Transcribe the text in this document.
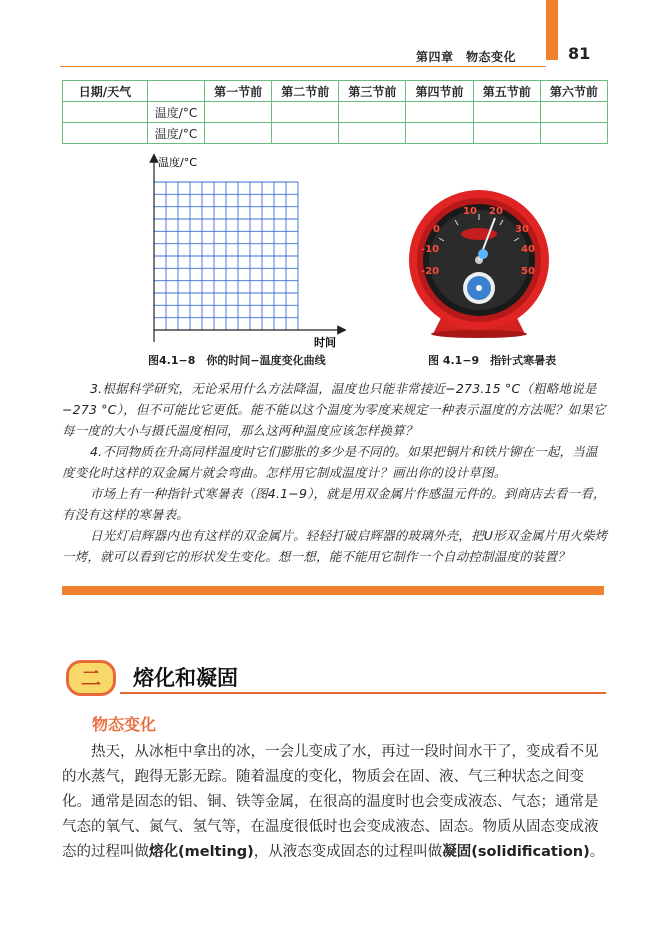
第四章　物态变化	81
日期/天气		第一节前	第二节前	第三节前	第四节前	第五节前	第六节前
	温度/°C						
	温度/°C						
温度/°C
时间
图4.1−8　你的时间−温度变化曲线
0
-10
-20
10 20
30
40
50
图 4.1−9　指针式寒暑表
3.根据科学研究，无论采用什么方法降温，温度也只能非常接近−273.15 °C（粗略地说是−273 °C），但不可能比它更低。能不能以这个温度为零度来规定一种表示温度的方法呢？如果它每一度的大小与摄氏温度相同，那么这两种温度应该怎样换算？
4.不同物质在升高同样温度时它们膨胀的多少是不同的。如果把铜片和铁片铆在一起，当温度变化时这样的双金属片就会弯曲。怎样用它制成温度计？画出你的设计草图。
市场上有一种指针式寒暑表（图4.1−9），就是用双金属片作感温元件的。到商店去看一看，有没有这样的寒暑表。
日光灯启辉器内也有这样的双金属片。轻轻打破启辉器的玻璃外壳，把U形双金属片用火柴烤一烤，就可以看到它的形状发生变化。想一想，能不能用它制作一个自动控制温度的装置？
二	熔化和凝固
物态变化
热天，从冰柜中拿出的冰，一会儿变成了水，再过一段时间水干了，变成看不见的水蒸气，跑得无影无踪。随着温度的变化，物质会在固、液、气三种状态之间变化。通常是固态的铝、铜、铁等金属，在很高的温度时也会变成液态、气态；通常是气态的氧气、氮气、氢气等，在温度很低时也会变成液态、固态。物质从固态变成液态的过程叫做熔化(melting)，从液态变成固态的过程叫做凝固(solidification)。
